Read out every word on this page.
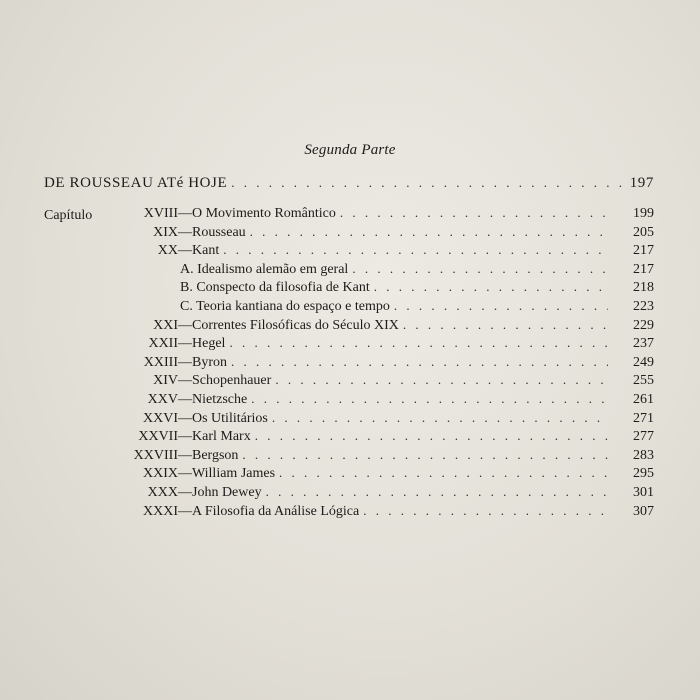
Segunda Parte
DE ROUSSEAU ATé HOJE . . .	197
Capítulo	XVIII — O Movimento Romântico . . .	199
XIX — Rousseau . . .	205
XX — Kant . . .	217
A. Idealismo alemão em geral . . .	217
B. Conspecto da filosofia de Kant . . .	218
C. Teoria kantiana do espaço e tempo . . .	223
XXI — Correntes Filosóficas do Século XIX . . .	229
XXII — Hegel . . .	237
XXIII — Byron . . .	249
XIV — Schopenhauer . . .	255
XXV — Nietzsche . . .	261
XXVI — Os Utilitários . . .	271
XXVII — Karl Marx . . .	277
XXVIII — Bergson . . .	283
XXIX — William James . . .	295
XXX — John Dewey . . .	301
XXXI — A Filosofia da Análise Lógica . . .	307
